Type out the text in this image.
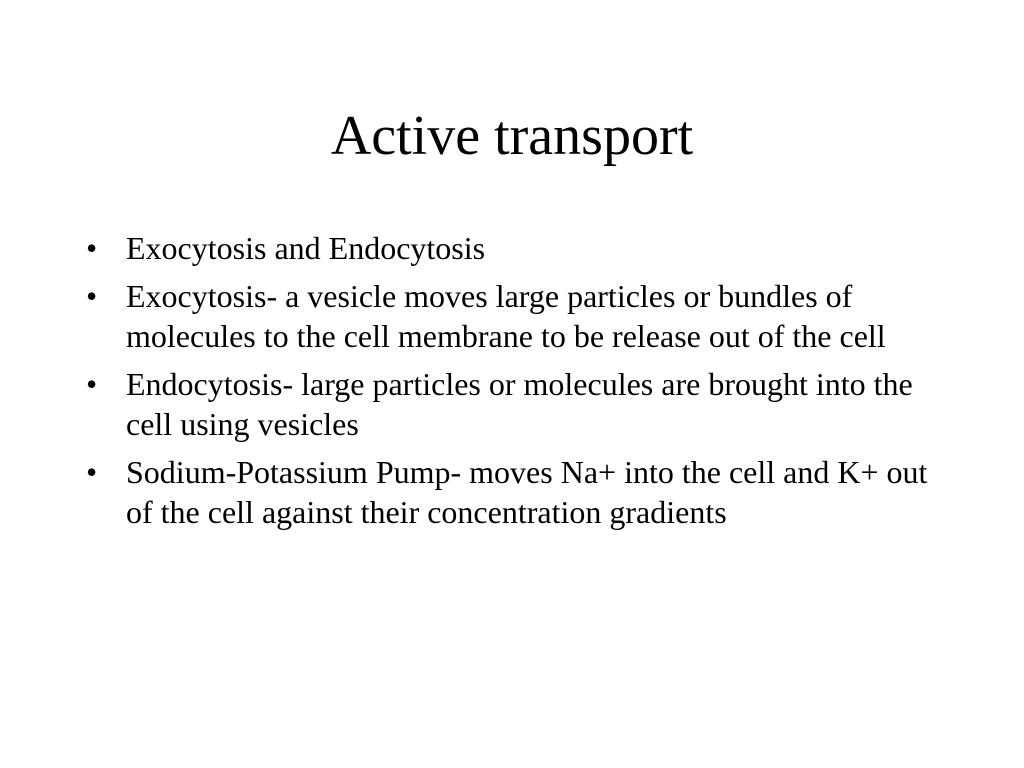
Active transport
• Exocytosis and Endocytosis
• Exocytosis- a vesicle moves large particles or bundles of molecules to the cell membrane to be release out of the cell
• Endocytosis- large particles or molecules are brought into the cell using vesicles
• Sodium-Potassium Pump- moves Na+ into the cell and K+ out of the cell against their concentration gradients
